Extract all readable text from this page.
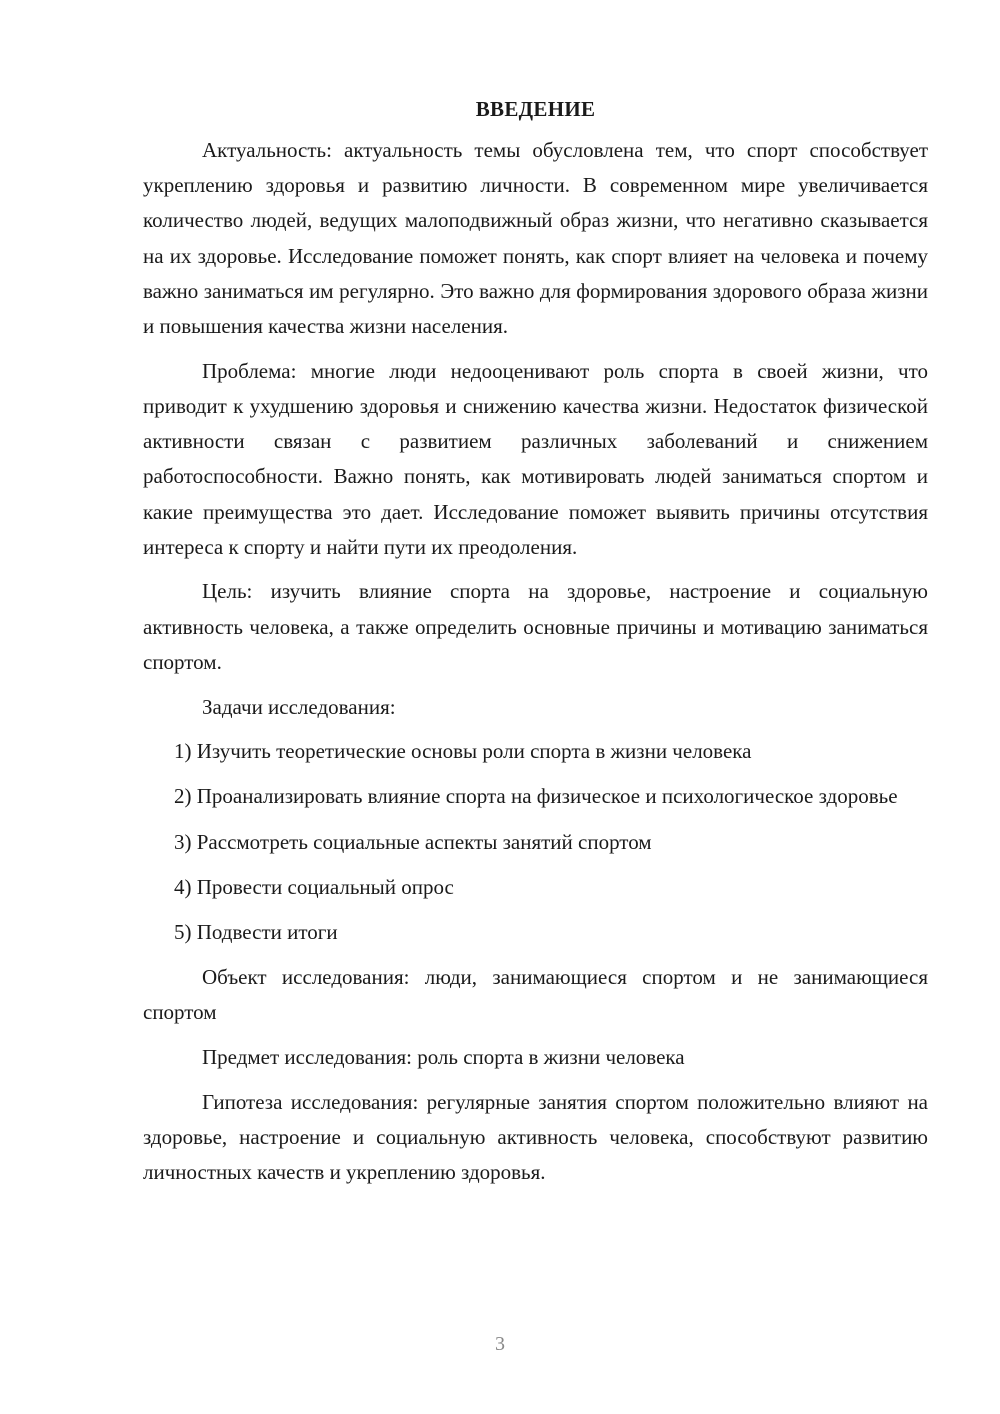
ВВЕДЕНИЕ

Актуальность: актуальность темы обусловлена тем, что спорт способствует укреплению здоровья и развитию личности. В современном мире увеличивается количество людей, ведущих малоподвижный образ жизни, что негативно сказывается на их здоровье. Исследование поможет понять, как спорт влияет на человека и почему важно заниматься им регулярно. Это важно для формирования здорового образа жизни и повышения качества жизни населения.

Проблема: многие люди недооценивают роль спорта в своей жизни, что приводит к ухудшению здоровья и снижению качества жизни. Недостаток физической активности связан с развитием различных заболеваний и снижением работоспособности. Важно понять, как мотивировать людей заниматься спортом и какие преимущества это дает. Исследование поможет выявить причины отсутствия интереса к спорту и найти пути их преодоления.

Цель: изучить влияние спорта на здоровье, настроение и социальную активность человека, а также определить основные причины и мотивацию заниматься спортом.

Задачи исследования:

1) Изучить теоретические основы роли спорта в жизни человека

2) Проанализировать влияние спорта на физическое и психологическое здоровье

3) Рассмотреть социальные аспекты занятий спортом

4) Провести социальный опрос

5) Подвести итоги

Объект исследования: люди, занимающиеся спортом и не занимающиеся спортом

Предмет исследования: роль спорта в жизни человека

Гипотеза исследования: регулярные занятия спортом положительно влияют на здоровье, настроение и социальную активность человека, способствуют развитию личностных качеств и укреплению здоровья.

3
